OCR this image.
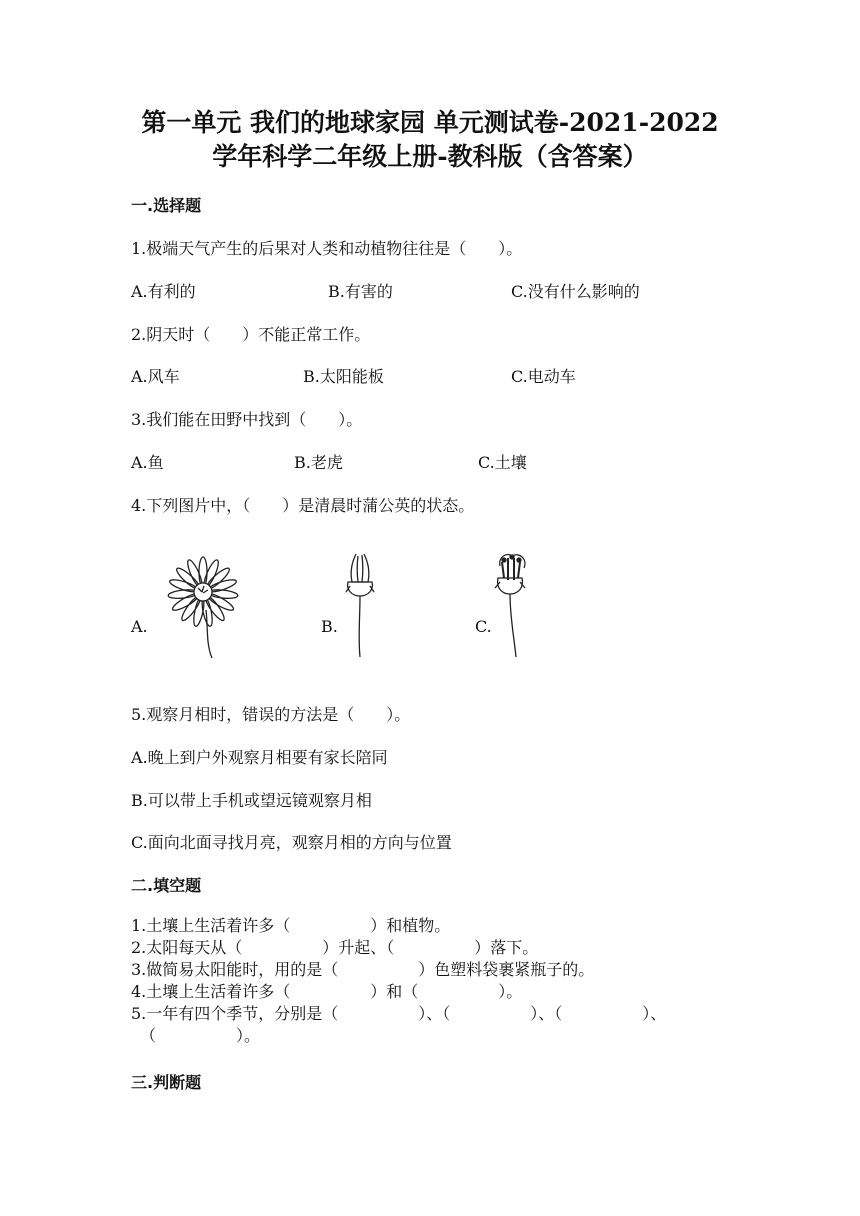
第一单元 我们的地球家园 单元测试卷-2021-2022
学年科学二年级上册-教科版（含答案）
一.选择题
1.极端天气产生的后果对人类和动植物往往是（　　）。
A.有利的	B.有害的	C.没有什么影响的
2.阴天时（　　）不能正常工作。
A.风车	B.太阳能板	C.电动车
3.我们能在田野中找到（　　）。
A.鱼	B.老虎	C.土壤
4.下列图片中，（　　）是清晨时蒲公英的状态。
A.	B.	C.
5.观察月相时，错误的方法是（　　）。
A.晚上到户外观察月相要有家长陪同
B.可以带上手机或望远镜观察月相
C.面向北面寻找月亮，观察月相的方向与位置
二.填空题
1.土壤上生活着许多（　　　　　）和植物。
2.太阳每天从（　　　　　）升起、（　　　　　）落下。
3.做简易太阳能时，用的是（　　　　　）色塑料袋裹紧瓶子的。
4.土壤上生活着许多（　　　　　）和（　　　　　）。
5.一年有四个季节，分别是（　　　　　）、（　　　　　）、（　　　　　）、
（　　　　　）。
三.判断题
